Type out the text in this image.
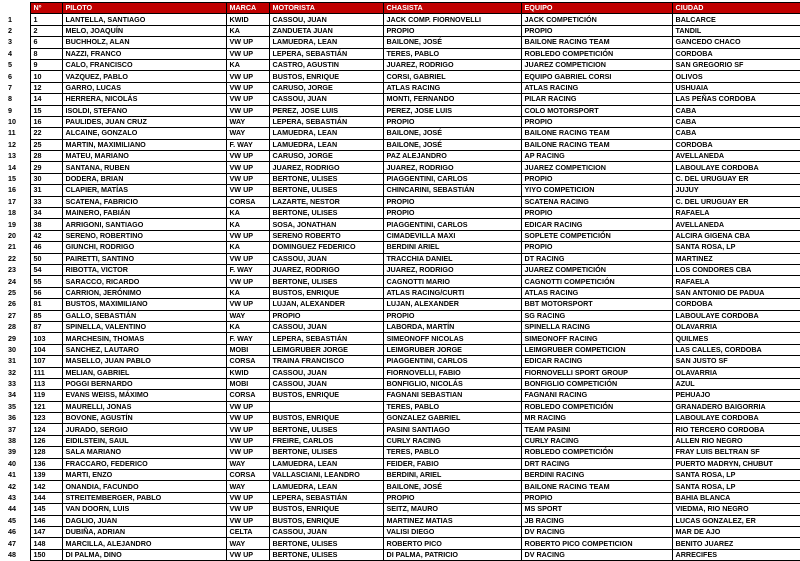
	Nº	PILOTO	MARCA	MOTORISTA	CHASISTA	EQUIPO	CIUDAD
1	1	LANTELLA, SANTIAGO	KWID	CASSOU, JUAN	JACK COMP. FIORNOVELLI	JACK COMPETICIÓN	BALCARCE
2	2	MELO, JOAQUÍN	KA	ZANDUETA JUAN	PROPIO	PROPIO	TANDIL
3	6	BUCHHOLZ, ALAN	VW UP	LAMUEDRA, LEAN	BAILONE, JOSÉ	BAILONE RACING TEAM	GANCEDO CHACO
4	8	NAZZI, FRANCO	VW UP	LEPERA, SEBASTIÁN	TERES, PABLO	ROBLEDO COMPETICIÓN	CORDOBA
5	9	CALO, FRANCISCO	KA	CASTRO, AGUSTIN	JUAREZ, RODRIGO	JUAREZ COMPETICION	SAN GREGORIO SF
6	10	VAZQUEZ, PABLO	VW UP	BUSTOS, ENRIQUE	CORSI, GABRIEL	EQUIPO GABRIEL CORSI	OLIVOS
7	12	GARRO, LUCAS	VW UP	CARUSO, JORGE	ATLAS RACING	ATLAS RACING	USHUAIA
8	14	HERRERA, NICOLÁS	VW UP	CASSOU, JUAN	MONTI, FERNANDO	PILAR RACING	LAS PEÑAS CORDOBA
9	15	ISOLDI, STEFANO	VW UP	PEREZ, JOSE LUIS	PEREZ, JOSE LUIS	COLO MOTORSPORT	CABA
10	16	PAULIDES, JUAN CRUZ	WAY	LEPERA, SEBASTIÁN	PROPIO	PROPIO	CABA
11	22	ALCAINE, GONZALO	WAY	LAMUEDRA, LEAN	BAILONE, JOSÉ	BAILONE RACING TEAM	CABA
12	25	MARTIN, MAXIMILIANO	F. WAY	LAMUEDRA, LEAN	BAILONE, JOSÉ	BAILONE RACING TEAM	CORDOBA
13	28	MATEU, MARIANO	VW UP	CARUSO, JORGE	PAZ ALEJANDRO	AP RACING	AVELLANEDA
14	29	SANTANA, RUBEN	VW UP	JUAREZ, RODRIGO	JUAREZ, RODRIGO	JUAREZ COMPETICION	LABOULAYE CORDOBA
15	30	DODERA, BRIAN	VW UP	BERTONE, ULISES	PIAGGENTINI, CARLOS	PROPIO	C. DEL URUGUAY ER
16	31	CLAPIER, MATÍAS	VW UP	BERTONE, ULISES	CHINCARINI, SEBASTIÁN	YIYO COMPETICION	JUJUY
17	33	SCATENA, FABRICIO	CORSA	LAZARTE, NESTOR	PROPIO	SCATENA RACING	C. DEL URUGUAY ER
18	34	MAINERO, FABIÁN	KA	BERTONE, ULISES	PROPIO	PROPIO	RAFAELA
19	38	ARRIGONI, SANTIAGO	KA	SOSA, JONATHAN	PIAGGENTINI, CARLOS	EDICAR RACING	AVELLANEDA
20	42	SERENO, ROBERTINO	VW UP	SERENO ROBERTO	CIMADEVILLA MAXI	SOPLETE COMPETICIÓN	ALCIRA GIGENA CBA
21	46	GIUNCHI, RODRIGO	KA	DOMINGUEZ FEDERICO	BERDINI ARIEL	PROPIO	SANTA ROSA, LP
22	50	PAIRETTI, SANTINO	VW UP	CASSOU, JUAN	TRACCHIA DANIEL	DT RACING	MARTINEZ
23	54	RIBOTTA, VICTOR	F. WAY	JUAREZ, RODRIGO	JUAREZ, RODRIGO	JUAREZ COMPETICIÓN	LOS CONDORES CBA
24	55	SARACCO, RICARDO	VW UP	BERTONE, ULISES	CAGNOTTI MARIO	CAGNOTTI COMPETICIÓN	RAFAELA
25	56	CARRION, JERÓNIMO	KA	BUSTOS, ENRIQUE	ATLAS RACING/CURTI	ATLAS RACING	SAN ANTONIO DE PADUA
26	81	BUSTOS, MAXIMILIANO	VW UP	LUJAN, ALEXANDER	LUJAN, ALEXANDER	BBT MOTORSPORT	CORDOBA
27	85	GALLO, SEBASTIÁN	WAY	PROPIO	PROPIO	SG RACING	LABOULAYE CORDOBA
28	87	SPINELLA, VALENTINO	KA	CASSOU, JUAN	LABORDA, MARTÍN	SPINELLA RACING	OLAVARRIA
29	103	MARCHESIN, THOMAS	F. WAY	LEPERA, SEBASTIÁN	SIMEONOFF NICOLAS	SIMEONOFF RACING	QUILMES
30	104	SANCHEZ, LAUTARO	MOBI	LEIMGRUBER JORGE	LEIMGRUBER JORGE	LEIMGRUBER COMPETICION	LAS CALLES, CORDOBA
31	107	MASELLO, JUAN PABLO	CORSA	TRAINA FRANCISCO	PIAGGENTINI, CARLOS	EDICAR RACING	SAN JUSTO SF
32	111	MELIAN, GABRIEL	KWID	CASSOU, JUAN	FIORNOVELLI, FABIO	FIORNOVELLI SPORT GROUP	OLAVARRIA
33	113	POGGI BERNARDO	MOBI	CASSOU, JUAN	BONFIGLIO, NICOLÁS	BONFIGLIO COMPETICIÓN	AZUL
34	119	EVANS WEISS, MÁXIMO	CORSA	BUSTOS, ENRIQUE	FAGNANI SEBASTIAN	FAGNANI RACING	PEHUAJO
35	121	MAURELLI, JONAS	VW UP		TERES, PABLO	ROBLEDO COMPETICIÓN	GRANADERO BAIGORRIA
36	123	BOVONE, AGUSTÍN	VW UP	BUSTOS, ENRIQUE	GONZALEZ GABRIEL	MR RACING	LABOULAYE CORDOBA
37	124	JURADO, SERGIO	VW UP	BERTONE, ULISES	PASINI SANTIAGO	TEAM PASINI	RIO TERCERO CORDOBA
38	126	EIDILSTEIN, SAUL	VW UP	FREIRE, CARLOS	CURLY RACING	CURLY RACING	ALLEN RIO NEGRO
39	128	SALA MARIANO	VW UP	BERTONE, ULISES	TERES, PABLO	ROBLEDO COMPETICIÓN	FRAY LUIS BELTRAN SF
40	136	FRACCARO, FEDERICO	WAY	LAMUEDRA, LEAN	FEIDER, FABIO	DRT RACING	PUERTO MADRYN, CHUBUT
41	139	MARTI, ENZO	CORSA	VALLASCIANI, LEANDRO	BERDINI, ARIEL	BERDINI RACING	SANTA ROSA, LP
42	142	ONANDIA, FACUNDO	WAY	LAMUEDRA, LEAN	BAILONE, JOSÉ	BAILONE RACING TEAM	SANTA ROSA, LP
43	144	STREITEMBERGER, PABLO	VW UP	LEPERA, SEBASTIÁN	PROPIO	PROPIO	BAHIA BLANCA
44	145	VAN DOORN, LUIS	VW UP	BUSTOS, ENRIQUE	SEITZ, MAURO	MS SPORT	VIEDMA, RIO NEGRO
45	146	DAGLIO, JUAN	VW UP	BUSTOS, ENRIQUE	MARTINEZ MATIAS	JB RACING	LUCAS GONZALEZ, ER
46	147	DUBIÑA, ADRIAN	CELTA	CASSOU, JUAN	VALISI DIEGO	DV RACING	MAR DE AJO
47	148	MARCILLA, ALEJANDRO	WAY	BERTONE, ULISES	ROBERTO PICO	ROBERTO PICO COMPETICION	BENITO JUAREZ
48	150	DI PALMA, DINO	VW UP	BERTONE, ULISES	DI PALMA, PATRICIO	DV RACING	ARRECIFES
